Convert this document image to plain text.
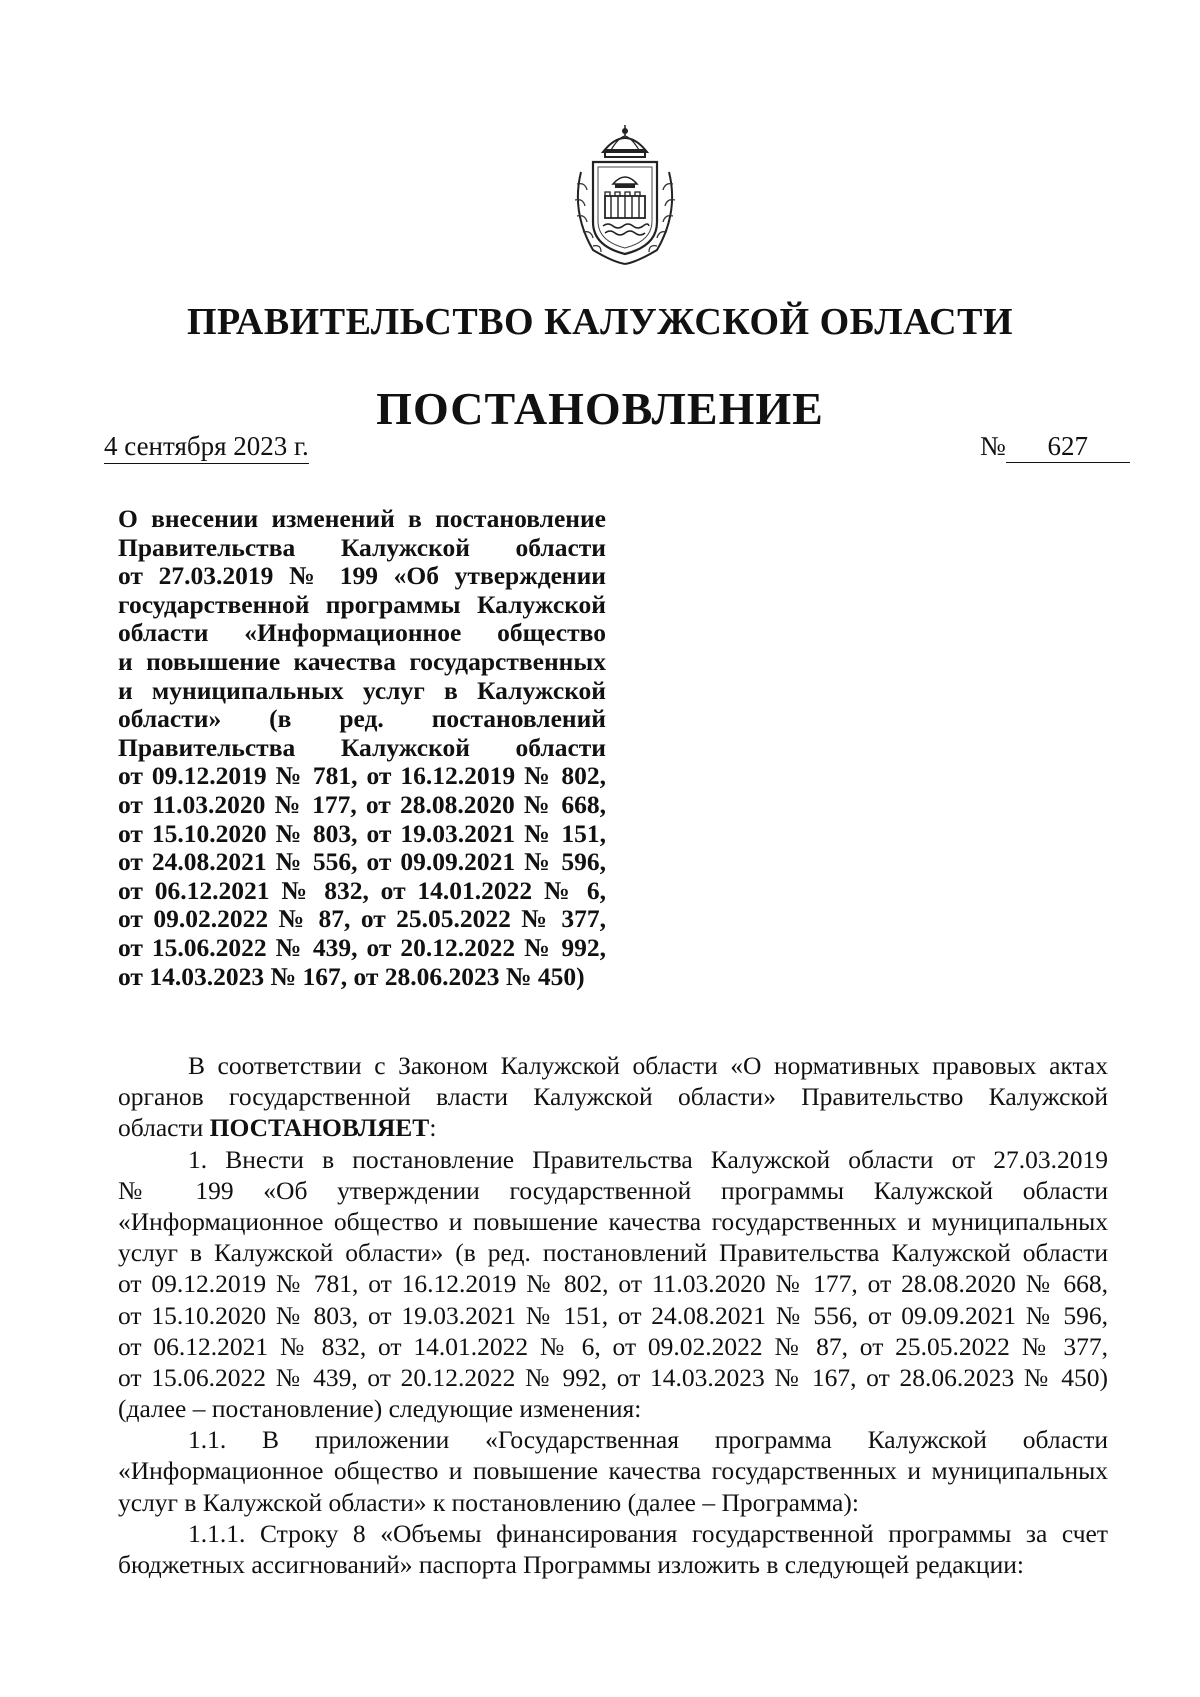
ПРАВИТЕЛЬСТВО КАЛУЖСКОЙ ОБЛАСТИ
ПОСТАНОВЛЕНИЕ
4 сентября 2023 г.	№ 627
О внесении изменений в постановление
Правительства Калужской области
от 27.03.2019 № 199 «Об утверждении
государственной программы Калужской
области «Информационное общество
и повышение качества государственных
и муниципальных услуг в Калужской
области» (в ред. постановлений
Правительства Калужской области
от 09.12.2019 № 781, от 16.12.2019 № 802,
от 11.03.2020 № 177, от 28.08.2020 № 668,
от 15.10.2020 № 803, от 19.03.2021 № 151,
от 24.08.2021 № 556, от 09.09.2021 № 596,
от 06.12.2021 № 832, от 14.01.2022 № 6,
от 09.02.2022 № 87, от 25.05.2022 № 377,
от 15.06.2022 № 439, от 20.12.2022 № 992,
от 14.03.2023 № 167, от 28.06.2023 № 450)
В соответствии с Законом Калужской области «О нормативных правовых актах
органов государственной власти Калужской области» Правительство Калужской
области ПОСТАНОВЛЯЕТ:
1. Внести в постановление Правительства Калужской области от 27.03.2019
№ 199 «Об утверждении государственной программы Калужской области
«Информационное общество и повышение качества государственных и муниципальных
услуг в Калужской области» (в ред. постановлений Правительства Калужской области
от 09.12.2019 № 781, от 16.12.2019 № 802, от 11.03.2020 № 177, от 28.08.2020 № 668,
от 15.10.2020 № 803, от 19.03.2021 № 151, от 24.08.2021 № 556, от 09.09.2021 № 596,
от 06.12.2021 № 832, от 14.01.2022 № 6, от 09.02.2022 № 87, от 25.05.2022 № 377,
от 15.06.2022 № 439, от 20.12.2022 № 992, от 14.03.2023 № 167, от 28.06.2023 № 450)
(далее – постановление) следующие изменения:
1.1. В приложении «Государственная программа Калужской области
«Информационное общество и повышение качества государственных и муниципальных
услуг в Калужской области» к постановлению (далее – Программа):
1.1.1. Строку 8 «Объемы финансирования государственной программы за счет
бюджетных ассигнований» паспорта Программы изложить в следующей редакции:
